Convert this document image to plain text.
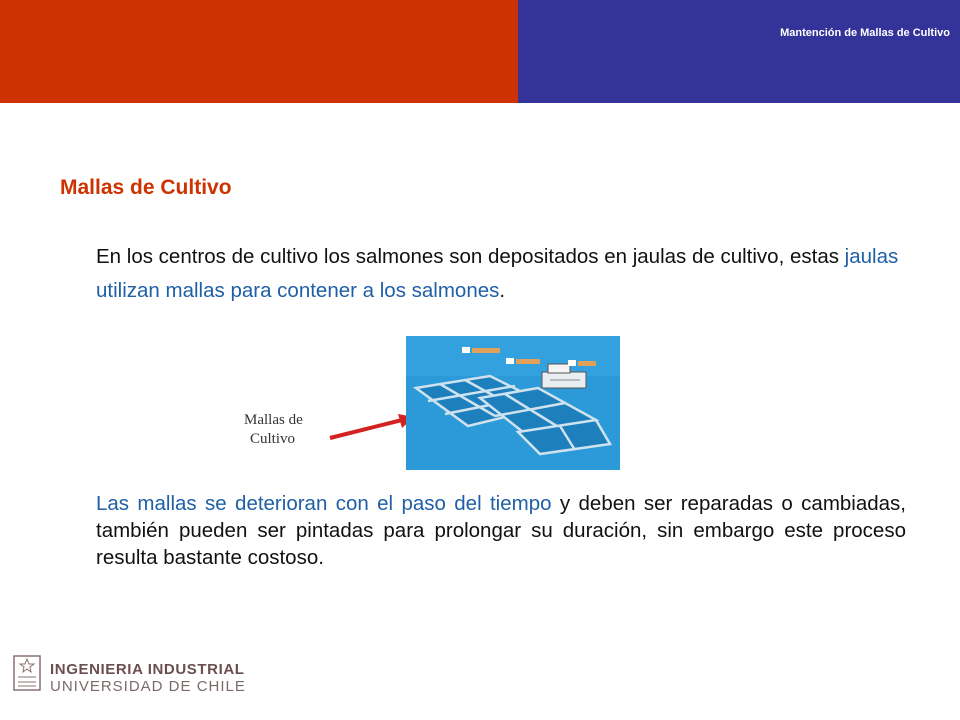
Mantención de Mallas de Cultivo
Mallas de Cultivo
En los centros de cultivo los salmones son depositados en jaulas de cultivo, estas jaulas utilizan mallas para contener a los salmones.
Mallas de
Cultivo
Las mallas se deterioran con el paso del tiempo y deben ser reparadas o cambiadas, también pueden ser pintadas para prolongar su duración, sin embargo este proceso resulta bastante costoso.
INGENIERIA INDUSTRIAL
UNIVERSIDAD DE CHILE
